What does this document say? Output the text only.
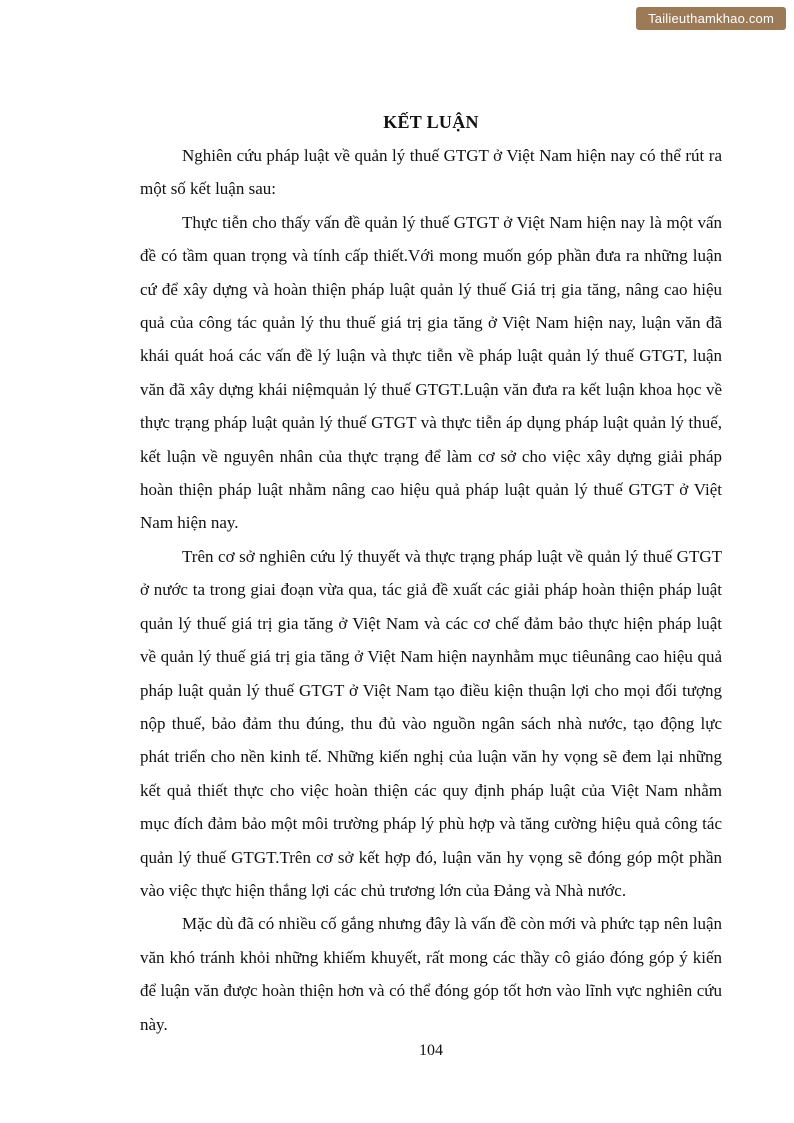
Tailieuthamkhao.com
KẾT LUẬN

Nghiên cứu pháp luật về quản lý thuế GTGT ở Việt Nam hiện nay có thể rút ra một số kết luận sau:

Thực tiễn cho thấy vấn đề quản lý thuế GTGT ở Việt Nam hiện nay là một vấn đề có tầm quan trọng và tính cấp thiết.Với mong muốn góp phần đưa ra những luận cứ để xây dựng và hoàn thiện pháp luật quản lý thuế Giá trị gia tăng, nâng cao hiệu quả của công tác quản lý thu thuế giá trị gia tăng ở Việt Nam hiện nay, luận văn đã khái quát hoá các vấn đề lý luận và thực tiễn về pháp luật quản lý thuế GTGT, luận văn đã xây dựng khái niệmquản lý thuế GTGT.Luận văn đưa ra kết luận khoa học về thực trạng pháp luật quản lý thuế GTGT và thực tiễn áp dụng pháp luật quản lý thuế, kết luận về nguyên nhân của thực trạng để làm cơ sở cho việc xây dựng giải pháp hoàn thiện pháp luật nhằm nâng cao hiệu quả pháp luật quản lý thuế GTGT ở Việt Nam hiện nay.

Trên cơ sở nghiên cứu lý thuyết và thực trạng pháp luật về quản lý thuế GTGT ở nước ta trong giai đoạn vừa qua, tác giả đề xuất các giải pháp hoàn thiện pháp luật quản lý thuế giá trị gia tăng ở Việt Nam và các cơ chế đảm bảo thực hiện pháp luật về quản lý thuế giá trị gia tăng ở Việt Nam hiện naynhằm mục tiêunâng cao hiệu quả pháp luật quản lý thuế GTGT ở Việt Nam tạo điều kiện thuận lợi cho mọi đối tượng nộp thuế, bảo đảm thu đúng, thu đủ vào nguồn ngân sách nhà nước, tạo động lực phát triển cho nền kinh tế. Những kiến nghị của luận văn hy vọng sẽ đem lại những kết quả thiết thực cho việc hoàn thiện các quy định pháp luật của Việt Nam nhằm mục đích đảm bảo một môi trường pháp lý phù hợp và tăng cường hiệu quả công tác quản lý thuế GTGT.Trên cơ sở kết hợp đó, luận văn hy vọng sẽ đóng góp một phần vào việc thực hiện thắng lợi các chủ trương lớn của Đảng và Nhà nước.

Mặc dù đã có nhiều cố gắng nhưng đây là vấn đề còn mới và phức tạp nên luận văn khó tránh khỏi những khiếm khuyết, rất mong các thầy cô giáo đóng góp ý kiến để luận văn được hoàn thiện hơn và có thể đóng góp tốt hơn vào lĩnh vực nghiên cứu này.

104
